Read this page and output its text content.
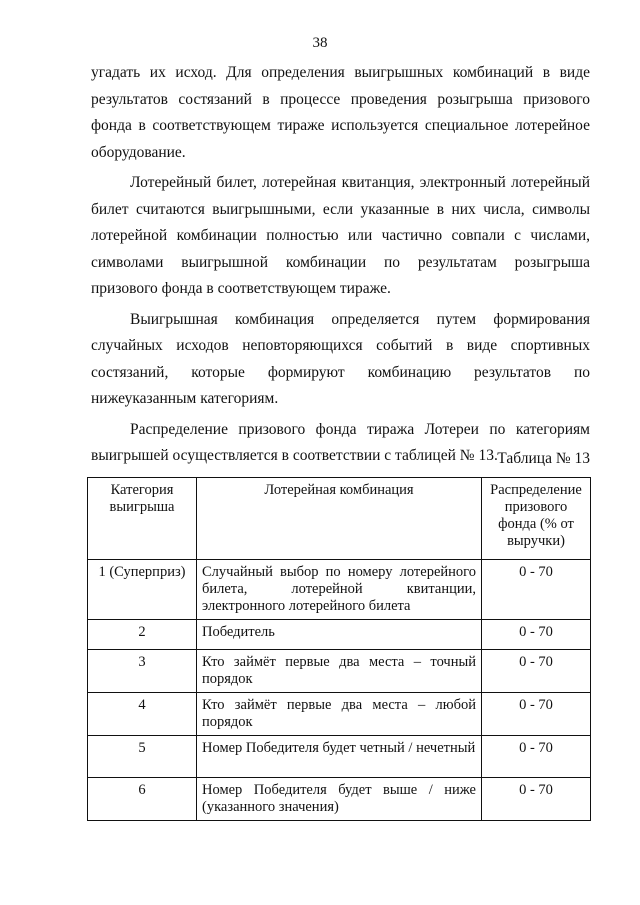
38

угадать их исход. Для определения выигрышных комбинаций в виде результатов состязаний в процессе проведения розыгрыша призового фонда в соответствующем тираже используется специальное лотерейное оборудование.

Лотерейный билет, лотерейная квитанция, электронный лотерейный билет считаются выигрышными, если указанные в них числа, символы лотерейной комбинации полностью или частично совпали с числами, символами выигрышной комбинации по результатам розыгрыша призового фонда в соответствующем тираже.

Выигрышная комбинация определяется путем формирования случайных исходов неповторяющихся событий в виде спортивных состязаний, которые формируют комбинацию результатов по нижеуказанным категориям.

Распределение призового фонда тиража Лотереи по категориям выигрышей осуществляется в соответствии с таблицей № 13. Таблица № 13
Категория выигрыша	Лотерейная комбинация	Распределение призового фонда (% от выручки)
1 (Суперприз)	Случайный выбор по номеру лотерейного билета, лотерейной квитанции, электронного лотерейного билета	0 - 70
2	Победитель	0 - 70
3	Кто займёт первые два места – точный порядок	0 - 70
4	Кто займёт первые два места – любой порядок	0 - 70
5	Номер Победителя будет четный / нечетный	0 - 70
6	Номер Победителя будет выше / ниже (указанного значения)	0 - 70
